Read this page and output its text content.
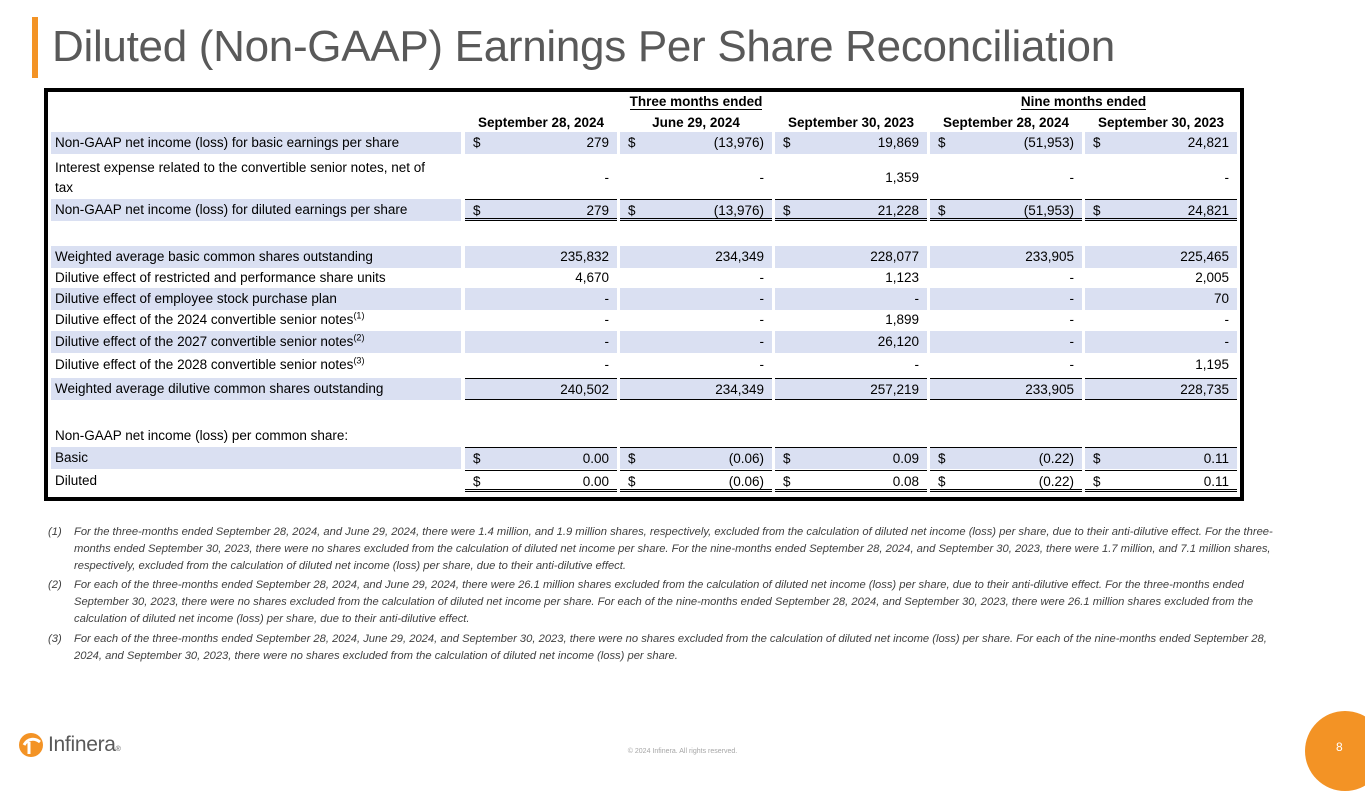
Diluted (Non-GAAP) Earnings Per Share Reconciliation
Three months ended	Nine months ended
September 28, 2024	June 29, 2024	September 30, 2023	September 28, 2024	September 30, 2023
Non-GAAP net income (loss) for basic earnings per share	$	279 $	(13,976) $	19,869 $	(51,953) $	24,821
Interest expense related to the convertible senior notes, net of
tax
-	-	1,359	-	-
Non-GAAP net income (loss) for diluted earnings per share	$	279 $	(13,976) $	21,228 $	(51,953) $	24,821
Weighted average basic common shares outstanding	235,832	234,349	228,077	233,905	225,465
Dilutive effect of restricted and performance share units	4,670	-	1,123	-	2,005
Dilutive effect of employee stock purchase plan	-	-	-	-	70
Dilutive effect of the 2024 convertible senior notes$^{(1)}$	-	-	1,899	-	-
Dilutive effect of the 2027 convertible senior notes$^{(2)}$	-	-	26,120	-	-
Dilutive effect of the 2028 convertible senior notes$^{(3)}$	-	-	-	-	1,195
Weighted average dilutive common shares outstanding	240,502	234,349	257,219	233,905	228,735
Non-GAAP net income (loss) per common share:
Basic	$	0.00 $	(0.06) $	0.09 $	(0.22) $	0.11
Diluted	$	0.00 $	(0.06) $	0.08 $	(0.22) $	0.11
(1) For the three-months ended September 28, 2024, and June 29, 2024, there were 1.4 million, and 1.9 million shares, respectively, excluded from the calculation of diluted net income (loss) per share, due to their anti-dilutive effect. For the three-months ended September 30, 2023, there were no shares excluded from the calculation of diluted net income per share. For the nine-months ended September 28, 2024, and September 30, 2023, there were 1.7 million, and 7.1 million shares, respectively, excluded from the calculation of diluted net income (loss) per share, due to their anti-dilutive effect.
(2) For each of the three-months ended September 28, 2024, and June 29, 2024, there were 26.1 million shares excluded from the calculation of diluted net income (loss) per share, due to their anti-dilutive effect. For the three-months ended September 30, 2023, there were no shares excluded from the calculation of diluted net income per share. For each of the nine-months ended September 28, 2024, and September 30, 2023, there were 26.1 million shares excluded from the calculation of diluted net income (loss) per share, due to their anti-dilutive effect.
(3) For each of the three-months ended September 28, 2024, June 29, 2024, and September 30, 2023, there were no shares excluded from the calculation of diluted net income (loss) per share. For each of the nine-months ended September 28, 2024, and September 30, 2023, there were no shares excluded from the calculation of diluted net income (loss) per share.
Infinera ®	© 2024 Infinera. All rights reserved.	8
